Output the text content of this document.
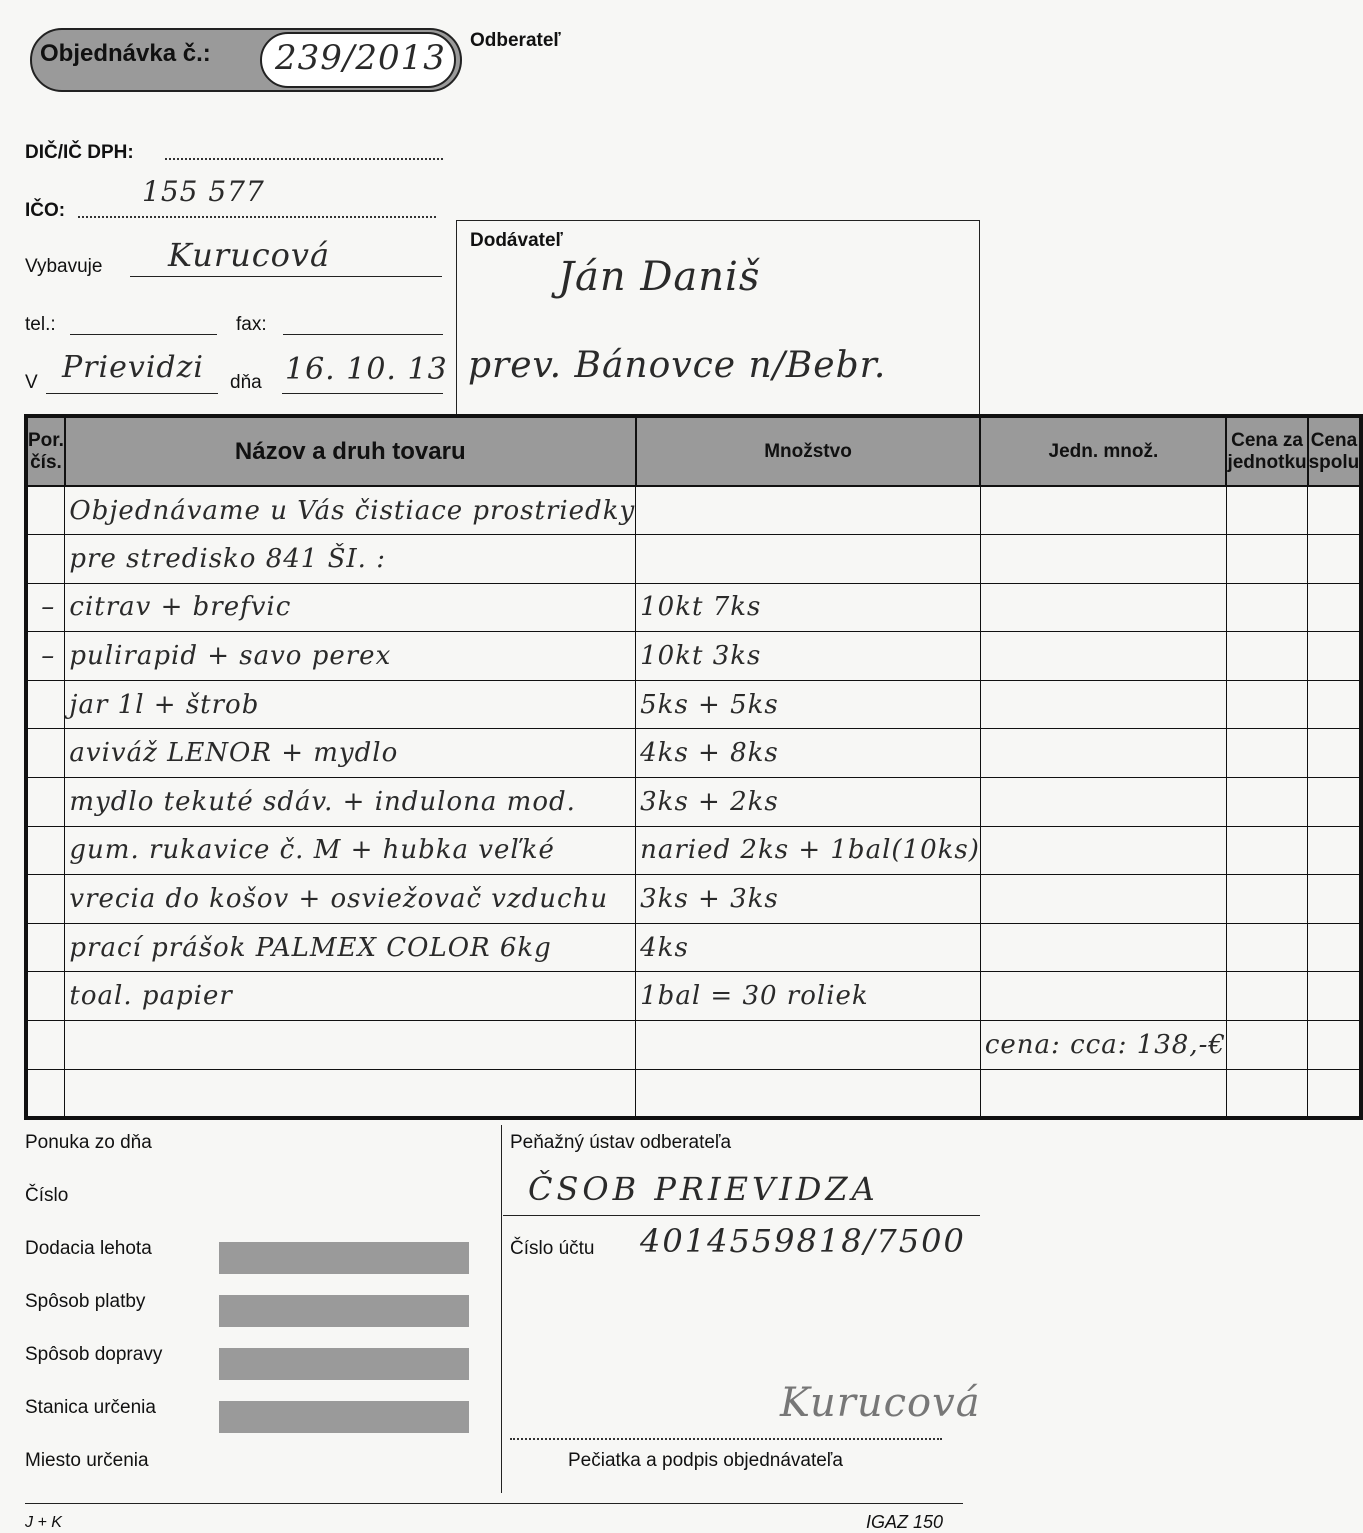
Objednávka č.: 239/2013 Odberateľ
DIČ/IČ DPH:
IČO:
155 577
Vybavuje Kurucová
tel.:	fax:
V Prievidzi dňa 16. 10. 13
Dodávateľ
Ján Daniš
prev. Bánovce n/Bebr.
Por. čís.	Názov a druh tovaru	Množstvo	Jedn. množ.	Cena za jednotku	Cena spolu
	Objednávame u Vás čistiace prostriedky				
	pre stredisko 841 ŠI. :				
–	citrav + brefvic	10kt 7ks			
–	pulirapid + savo perex	10kt 3ks			
	jar 1l + štrob	5ks + 5ks			
	aviváž LENOR + mydlo	4ks + 8ks			
	mydlo tekuté sdáv. + indulona mod.	3ks + 2ks			
	gum. rukavice č. M + hubka veľké	naried 2ks + 1bal(10ks)			
	vrecia do košov + osviežovač vzduchu	3ks + 3ks			
	prací prášok PALMEX COLOR 6kg	4ks			
	toal. papier	1bal = 30 roliek			
			cena: cca: 138,-€		

Ponuka zo dňa
Číslo
Dodacia lehota
Spôsob platby
Spôsob dopravy
Stanica určenia
Miesto určenia
Peňažný ústav odberateľa
ČSOB PRIEVIDZA
Číslo účtu 4014559818/7500
Kurucová
Pečiatka a podpis objednávateľa
J + K	IGAZ 150
